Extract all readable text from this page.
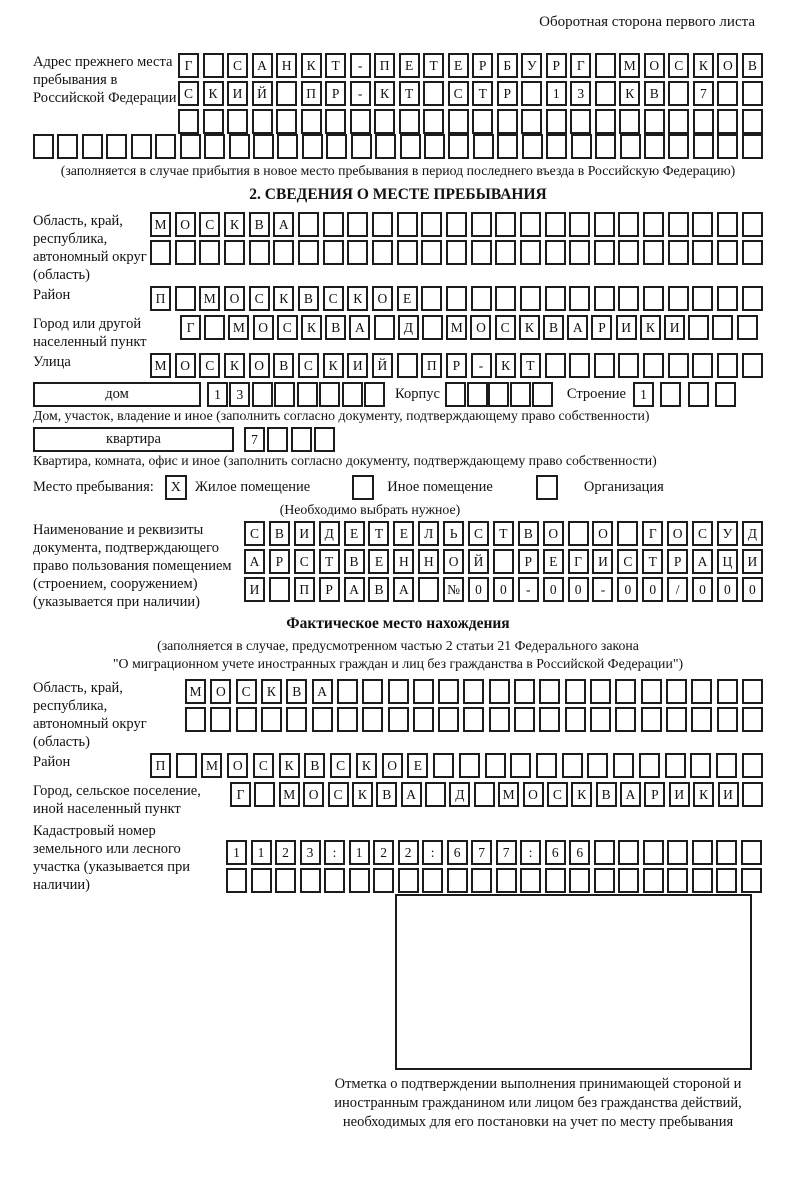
Оборотная сторона первого листа
Адрес прежнего места пребывания в Российской Федерации
Г	С	А	Н	К	Т	-	П	Е	Т	Е	Р	Б	У	Р	Г	М	О	С	К	О	В
С	К	И	Й	П	Р	-	К	Т	С	Т	Р	1	3	К	В	7
(заполняется в случае прибытия в новое место пребывания в период последнего въезда в Российскую Федерацию)
2. СВЕДЕНИЯ О МЕСТЕ ПРЕБЫВАНИЯ
Область, край, республика, автономный округ (область)
М	О	С	К	В	А
Район	П	М	О	С	К	В	С	К	О	Е
Город или другой населенный пункт
Г	М О	С	К	В	А	Д	М О	С	К	В	А	Р	И	К	И
Улица	М	О	С	К	О	В	С	К	И	Й	П	Р	-	К	Т
дом	1	3	Корпус	Строение	1
Дом, участок, владение и иное (заполнить согласно документу, подтверждающему право собственности)
квартира	7
Квартира, комната, офис и иное (заполнить согласно документу, подтверждающему право собственности)
Место пребывания:	X Жилое помещение	Иное помещение	Организация
(Необходимо выбрать нужное)
Наименование и реквизиты документа, подтверждающего право пользования помещением (строением, сооружением) (указывается при наличии)
С	В	И	Д	Е	Т	Е	Л	Ь	С	Т	В	О	О	Г	О	С	У	Д
А	Р	С	Т	В	Е	Н	Н	О	Й	Р	Е	Г	И	С	Т	Р	А	Ц	И
И	П	Р	А	В	А	№	0	0	-	0	0	-	0	0	/	0	0	0
Фактическое место нахождения
(заполняется в случае, предусмотренном частью 2 статьи 21 Федерального закона
"О миграционном учете иностранных граждан и лиц без гражданства в Российской Федерации")
Область, край, республика, автономный округ (область)
М	О	С	К	В	А
Район	П	М	О	С	К	В	С	К	О	Е
Город, сельское поселение, иной населенный пункт
Г	М	О	С	К	В	А	Д	М	О	С	К	В	А	Р	И	К	И
Кадастровый номер земельного или лесного участка (указывается при наличии)
1	1	2	3	:	1	2	2	:	6	7	7	:	6	6
Отметка о подтверждении выполнения принимающей стороной и иностранным гражданином или лицом без гражданства действий, необходимых для его постановки на учет по месту пребывания
